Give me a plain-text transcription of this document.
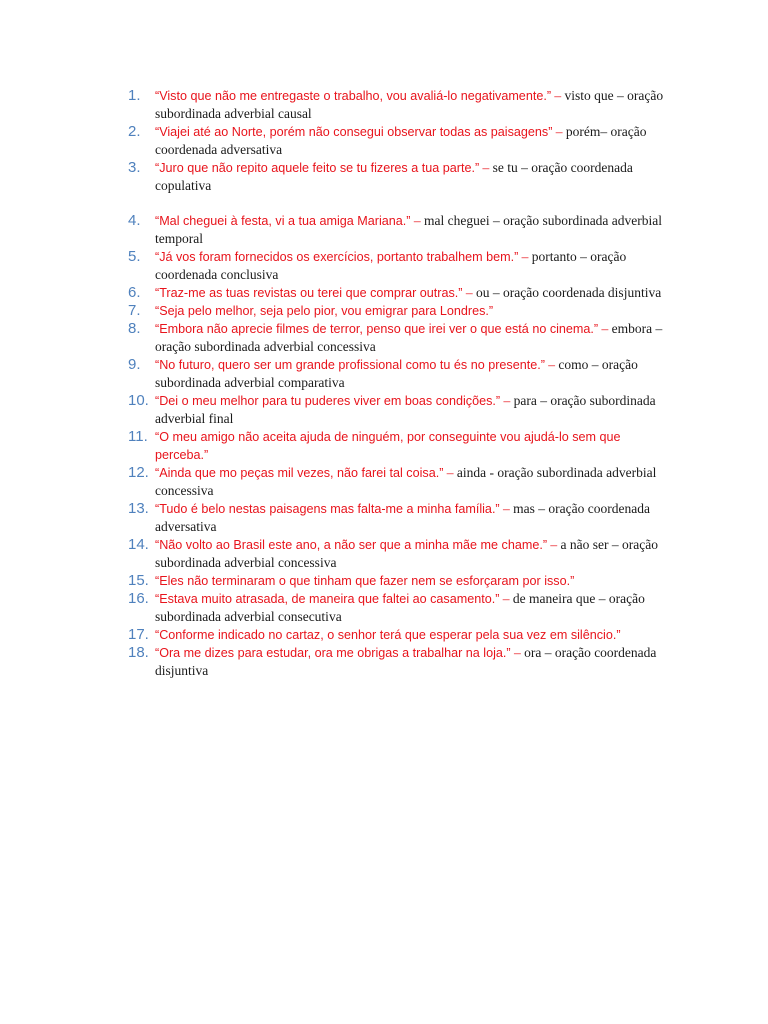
1. “Visto que não me entregaste o trabalho, vou avaliá-lo negativamente.” – visto que – oração subordinada adverbial causal
2. “Viajei até ao Norte, porém não consegui observar todas as paisagens” – porém– oração coordenada adversativa
3. “Juro que não repito aquele feito se tu fizeres a tua parte.” – se tu – oração coordenada copulativa
4. “Mal cheguei à festa, vi a tua amiga Mariana.” – mal cheguei – oração subordinada adverbial temporal
5. “Já vos foram fornecidos os exercícios, portanto trabalhem bem.” – portanto – oração coordenada conclusiva
6. “Traz-me as tuas revistas ou terei que comprar outras.” – ou – oração coordenada disjuntiva
7. “Seja pelo melhor, seja pelo pior, vou emigrar para Londres.”
8. “Embora não aprecie filmes de terror, penso que irei ver o que está no cinema.” – embora – oração subordinada adverbial concessiva
9. “No futuro, quero ser um grande profissional como tu és no presente.” – como – oração subordinada adverbial comparativa
10. “Dei o meu melhor para tu puderes viver em boas condições.” – para – oração subordinada adverbial final
11. “O meu amigo não aceita ajuda de ninguém, por conseguinte vou ajudá-lo sem que perceba.”
12. “Ainda que mo peças mil vezes, não farei tal coisa.” – ainda - oração subordinada adverbial concessiva
13. “Tudo é belo nestas paisagens mas falta-me a minha família.” – mas – oração coordenada adversativa
14. “Não volto ao Brasil este ano, a não ser que a minha mãe me chame.” – a não ser – oração subordinada adverbial concessiva
15. “Eles não terminaram o que tinham que fazer nem se esforçaram por isso.”
16. “Estava muito atrasada, de maneira que faltei ao casamento.” – de maneira que – oração subordinada adverbial consecutiva
17. “Conforme indicado no cartaz, o senhor terá que esperar pela sua vez em silêncio.”
18. “Ora me dizes para estudar, ora me obrigas a trabalhar na loja.” – ora – oração coordenada disjuntiva
